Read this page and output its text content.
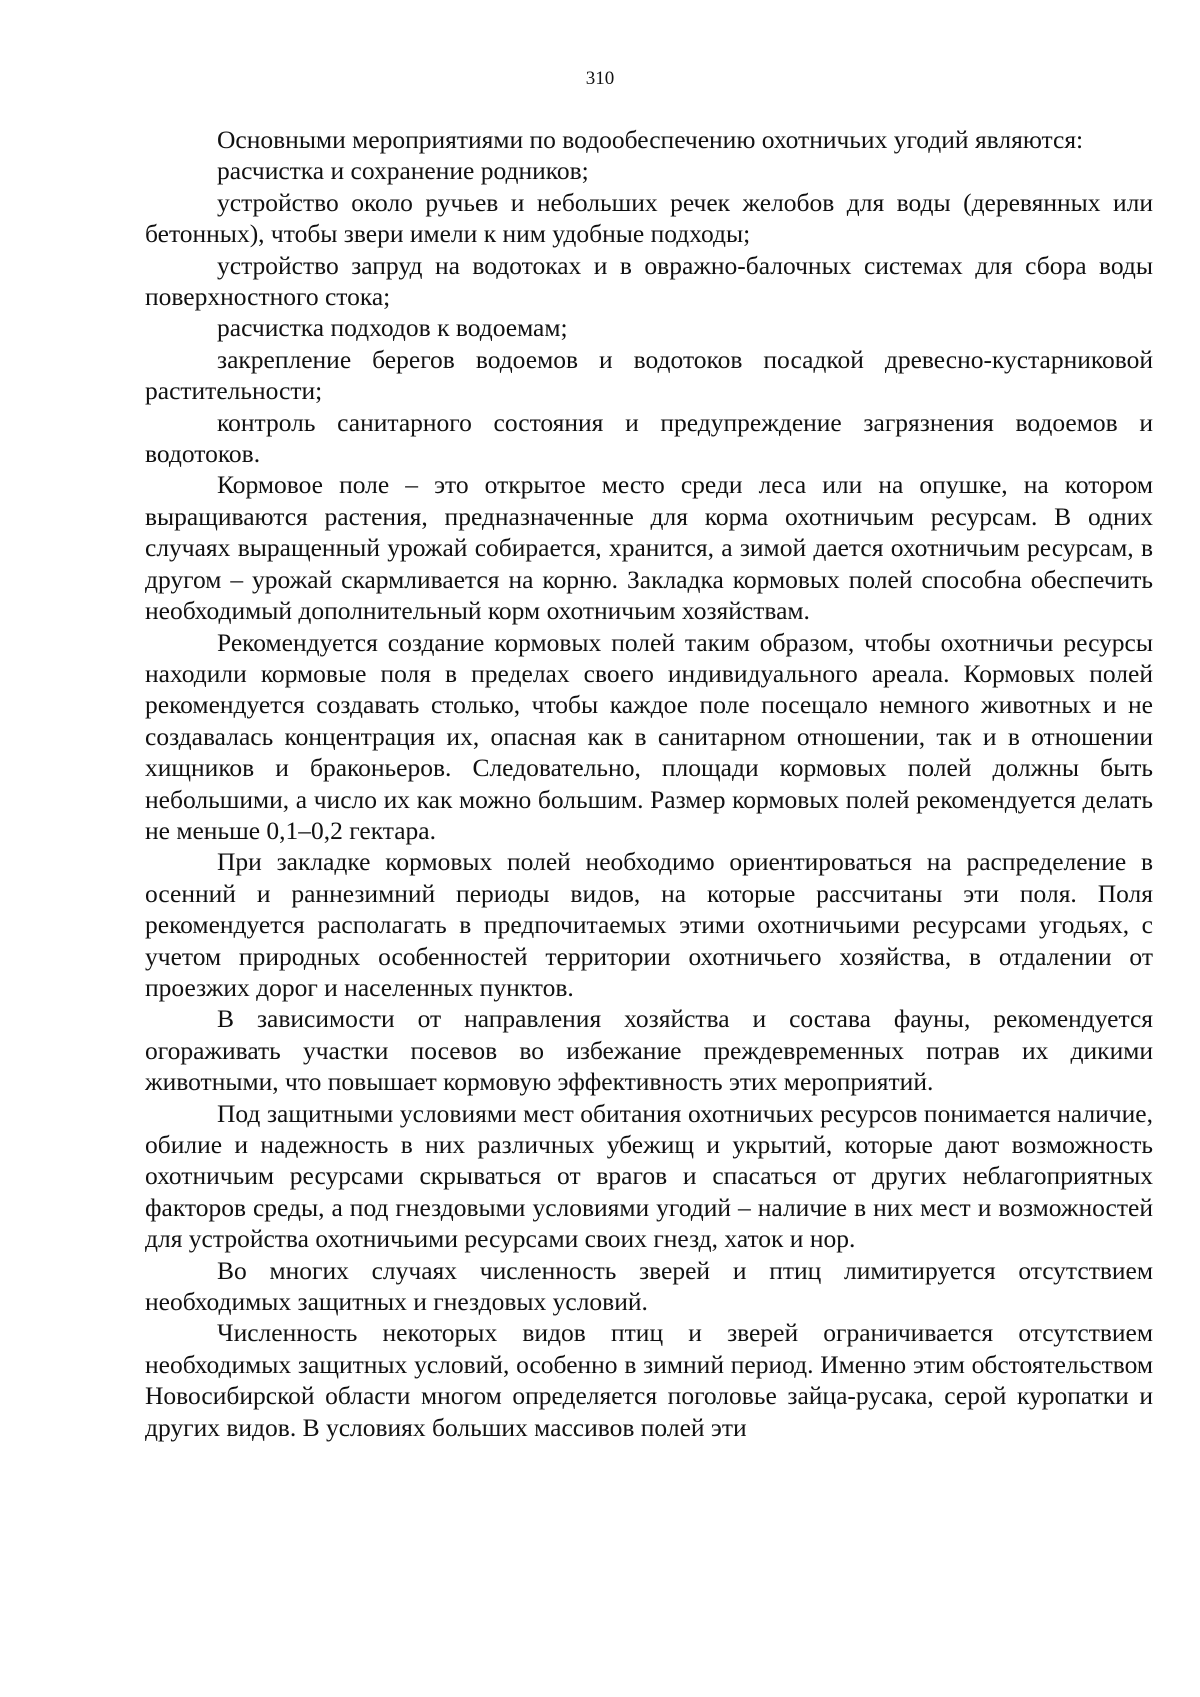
310

Основными мероприятиями по водообеспечению охотничьих угодий являются:

расчистка и сохранение родников;

устройство около ручьев и небольших речек желобов для воды (деревянных или бетонных), чтобы звери имели к ним удобные подходы;

устройство запруд на водотоках и в овражно-балочных системах для сбора воды поверхностного стока;

расчистка подходов к водоемам;

закрепление берегов водоемов и водотоков посадкой древесно-кустарниковой растительности;

контроль санитарного состояния и предупреждение загрязнения водоемов и водотоков.

Кормовое поле – это открытое место среди леса или на опушке, на котором выращиваются растения, предназначенные для корма охотничьим ресурсам. В одних случаях выращенный урожай собирается, хранится, а зимой дается охотничьим ресурсам, в другом – урожай скармливается на корню. Закладка кормовых полей способна обеспечить необходимый дополнительный корм охотничьим хозяйствам.

Рекомендуется создание кормовых полей таким образом, чтобы охотничьи ресурсы находили кормовые поля в пределах своего индивидуального ареала. Кормовых полей рекомендуется создавать столько, чтобы каждое поле посещало немного животных и не создавалась концентрация их, опасная как в санитарном отношении, так и в отношении хищников и браконьеров. Следовательно, площади кормовых полей должны быть небольшими, а число их как можно большим. Размер кормовых полей рекомендуется делать не меньше 0,1–0,2 гектара.

При закладке кормовых полей необходимо ориентироваться на распределение в осенний и раннезимний периоды видов, на которые рассчитаны эти поля. Поля рекомендуется располагать в предпочитаемых этими охотничьими ресурсами угодьях, с учетом природных особенностей территории охотничьего хозяйства, в отдалении от проезжих дорог и населенных пунктов.

В зависимости от направления хозяйства и состава фауны, рекомендуется огораживать участки посевов во избежание преждевременных потрав их дикими животными, что повышает кормовую эффективность этих мероприятий.

Под защитными условиями мест обитания охотничьих ресурсов понимается наличие, обилие и надежность в них различных убежищ и укрытий, которые дают возможность охотничьим ресурсами скрываться от врагов и спасаться от других неблагоприятных факторов среды, а под гнездовыми условиями угодий – наличие в них мест и возможностей для устройства охотничьими ресурсами своих гнезд, хаток и нор.

Во многих случаях численность зверей и птиц лимитируется отсутствием необходимых защитных и гнездовых условий.

Численность некоторых видов птиц и зверей ограничивается отсутствием необходимых защитных условий, особенно в зимний период. Именно этим обстоятельством Новосибирской области многом определяется поголовье зайца-русака, серой куропатки и других видов. В условиях больших массивов полей эти
